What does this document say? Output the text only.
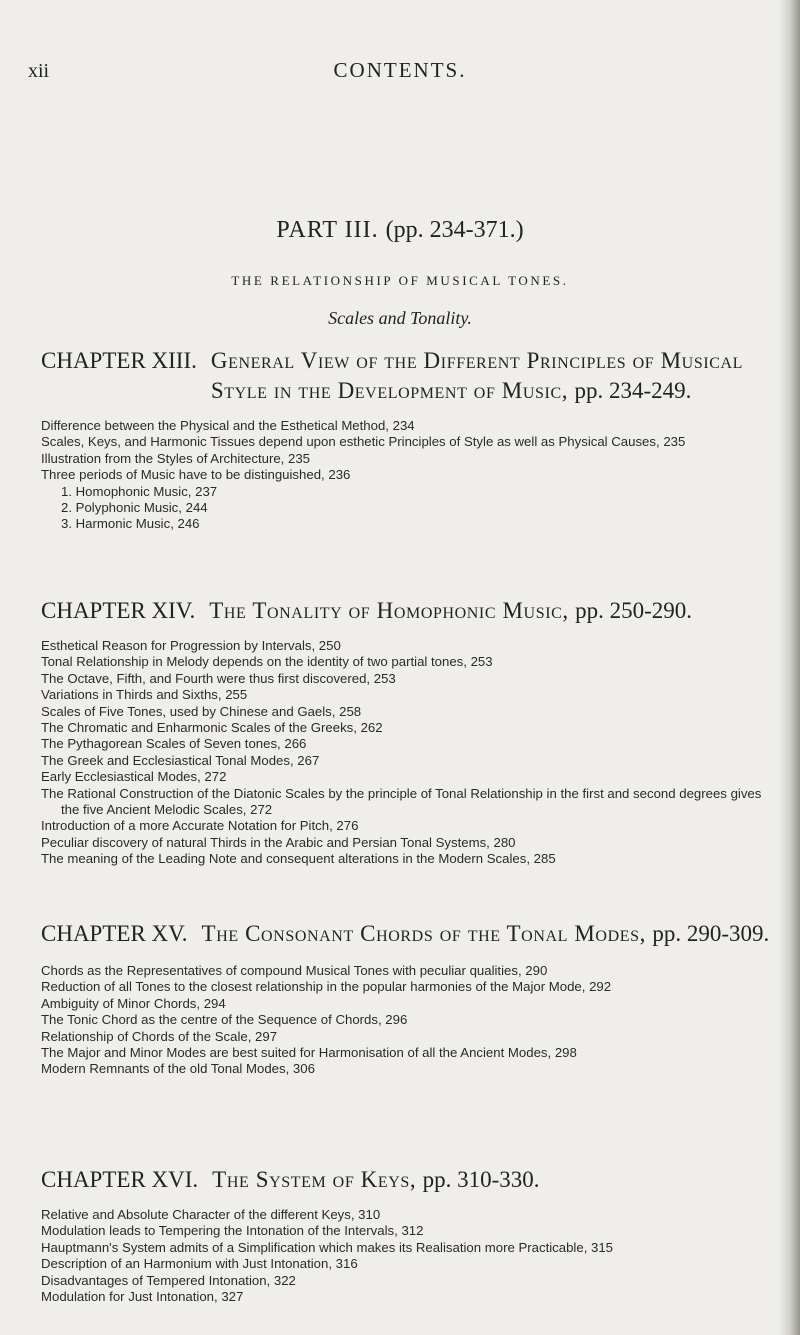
xii	CONTENTS.
PART III. (pp. 234-371.)
THE RELATIONSHIP OF MUSICAL TONES.
Scales and Tonality.
CHAPTER XIII. General View of the Different Principles of Musical Style in the Development of Music, pp. 234-249.
Difference between the Physical and the Esthetical Method, 234
Scales, Keys, and Harmonic Tissues depend upon esthetic Principles of Style as well as Physical Causes, 235
Illustration from the Styles of Architecture, 235
Three periods of Music have to be distinguished, 236
1. Homophonic Music, 237
2. Polyphonic Music, 244
3. Harmonic Music, 246
CHAPTER XIV. The Tonality of Homophonic Music, pp. 250-290.
Esthetical Reason for Progression by Intervals, 250
Tonal Relationship in Melody depends on the identity of two partial tones, 253
The Octave, Fifth, and Fourth were thus first discovered, 253
Variations in Thirds and Sixths, 255
Scales of Five Tones, used by Chinese and Gaels, 258
The Chromatic and Enharmonic Scales of the Greeks, 262
The Pythagorean Scales of Seven tones, 266
The Greek and Ecclesiastical Tonal Modes, 267
Early Ecclesiastical Modes, 272
The Rational Construction of the Diatonic Scales by the principle of Tonal Relationship in the first and second degrees gives the five Ancient Melodic Scales, 272
Introduction of a more Accurate Notation for Pitch, 276
Peculiar discovery of natural Thirds in the Arabic and Persian Tonal Systems, 280
The meaning of the Leading Note and consequent alterations in the Modern Scales, 285
CHAPTER XV. The Consonant Chords of the Tonal Modes, pp. 290-309.
Chords as the Representatives of compound Musical Tones with peculiar qualities, 290
Reduction of all Tones to the closest relationship in the popular harmonies of the Major Mode, 292
Ambiguity of Minor Chords, 294
The Tonic Chord as the centre of the Sequence of Chords, 296
Relationship of Chords of the Scale, 297
The Major and Minor Modes are best suited for Harmonisation of all the Ancient Modes, 298
Modern Remnants of the old Tonal Modes, 306
CHAPTER XVI. The System of Keys, pp. 310-330.
Relative and Absolute Character of the different Keys, 310
Modulation leads to Tempering the Intonation of the Intervals, 312
Hauptmann's System admits of a Simplification which makes its Realisation more Practicable, 315
Description of an Harmonium with Just Intonation, 316
Disadvantages of Tempered Intonation, 322
Modulation for Just Intonation, 327
